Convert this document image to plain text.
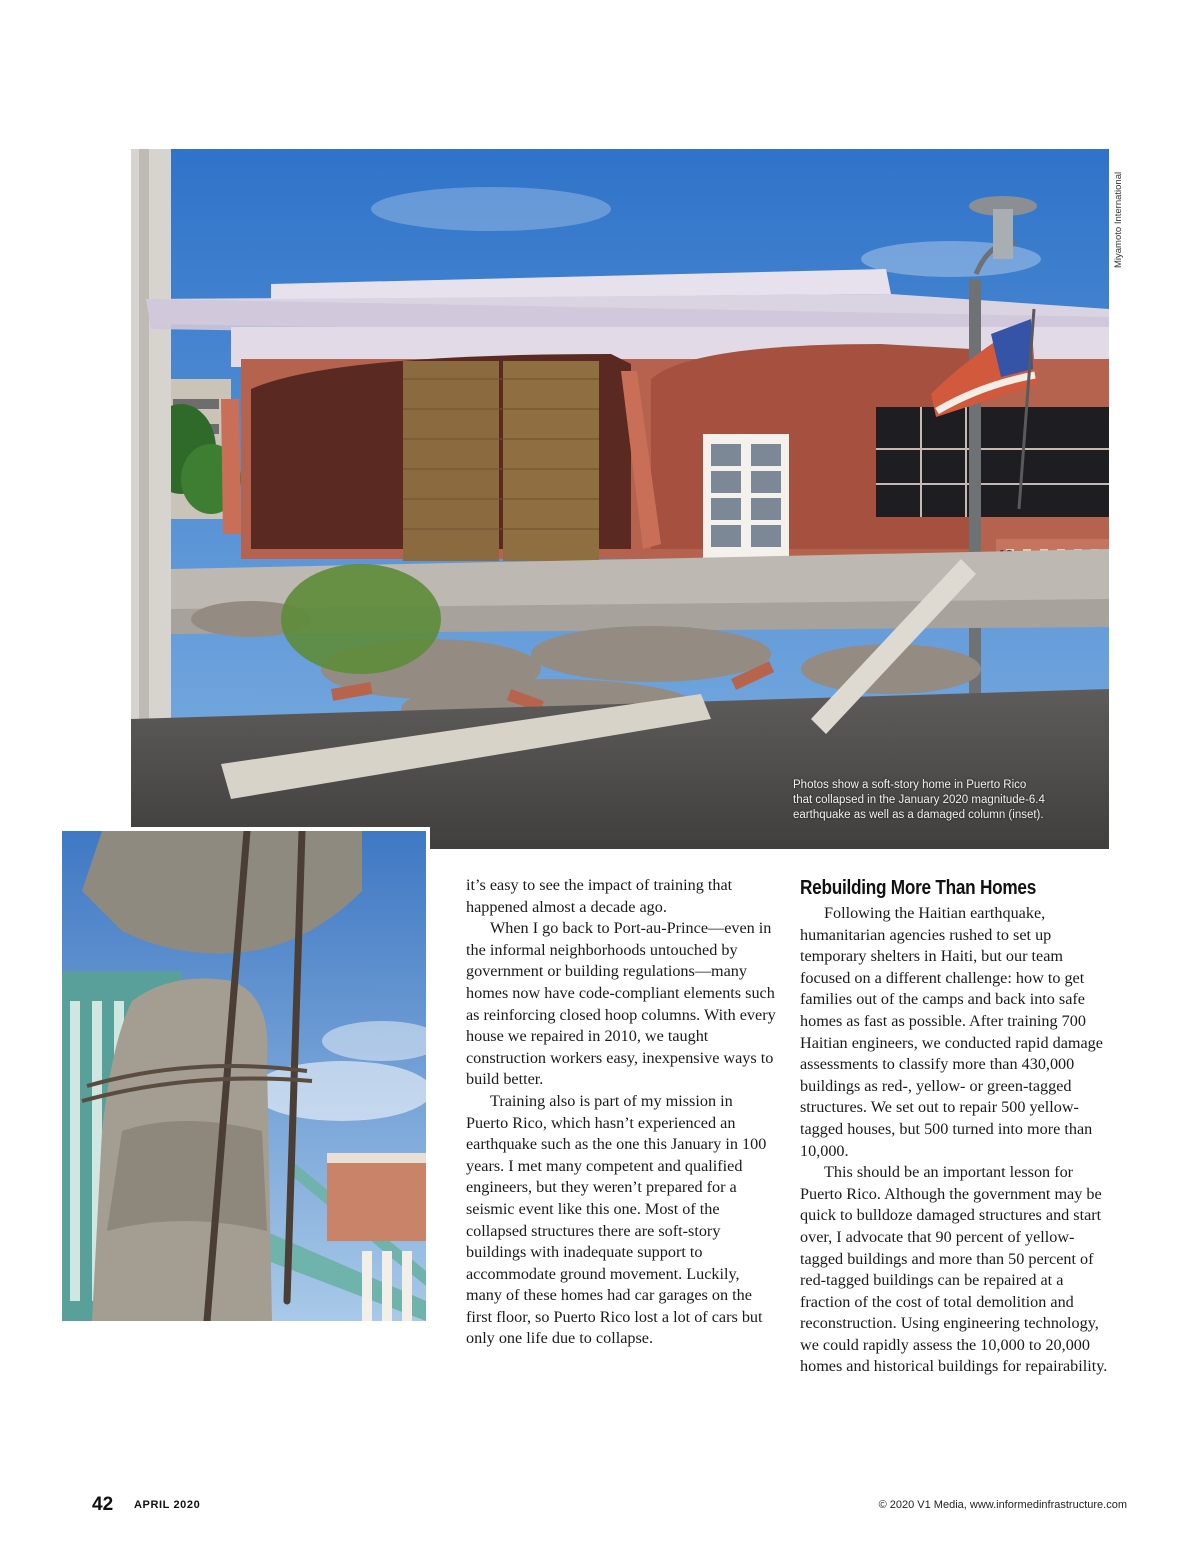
Photos show a soft-story home in Puerto Rico
that collapsed in the January 2020 magnitude-6.4
earthquake as well as a damaged column (inset).
Miyamoto International

it’s easy to see the impact of training that happened almost a decade ago.

When I go back to Port-au-Prince—even in the informal neighborhoods untouched by government or building regulations—many homes now have code-compliant elements such as reinforcing closed hoop columns. With every house we repaired in 2010, we taught construction workers easy, inexpensive ways to build better.

Training also is part of my mission in Puerto Rico, which hasn’t experienced an earthquake such as the one this January in 100 years. I met many competent and qualified engineers, but they weren’t prepared for a seismic event like this one. Most of the collapsed structures there are soft-story buildings with inadequate support to accommodate ground movement. Luckily, many of these homes had car garages on the first floor, so Puerto Rico lost a lot of cars but only one life due to collapse.

Rebuilding More Than Homes

Following the Haitian earthquake, humanitarian agencies rushed to set up temporary shelters in Haiti, but our team focused on a different challenge: how to get families out of the camps and back into safe homes as fast as possible. After training 700 Haitian engineers, we conducted rapid damage assessments to classify more than 430,000 buildings as red-, yellow- or green-tagged structures. We set out to repair 500 yellow-tagged houses, but 500 turned into more than 10,000.

This should be an important lesson for Puerto Rico. Although the government may be quick to bulldoze damaged structures and start over, I advocate that 90 percent of yellow-tagged buildings and more than 50 percent of red-tagged buildings can be repaired at a fraction of the cost of total demolition and reconstruction. Using engineering technology, we could rapidly assess the 10,000 to 20,000 homes and historical buildings for repairability.

42 APRIL 2020	© 2020 V1 Media, www.informedinfrastructure.com
